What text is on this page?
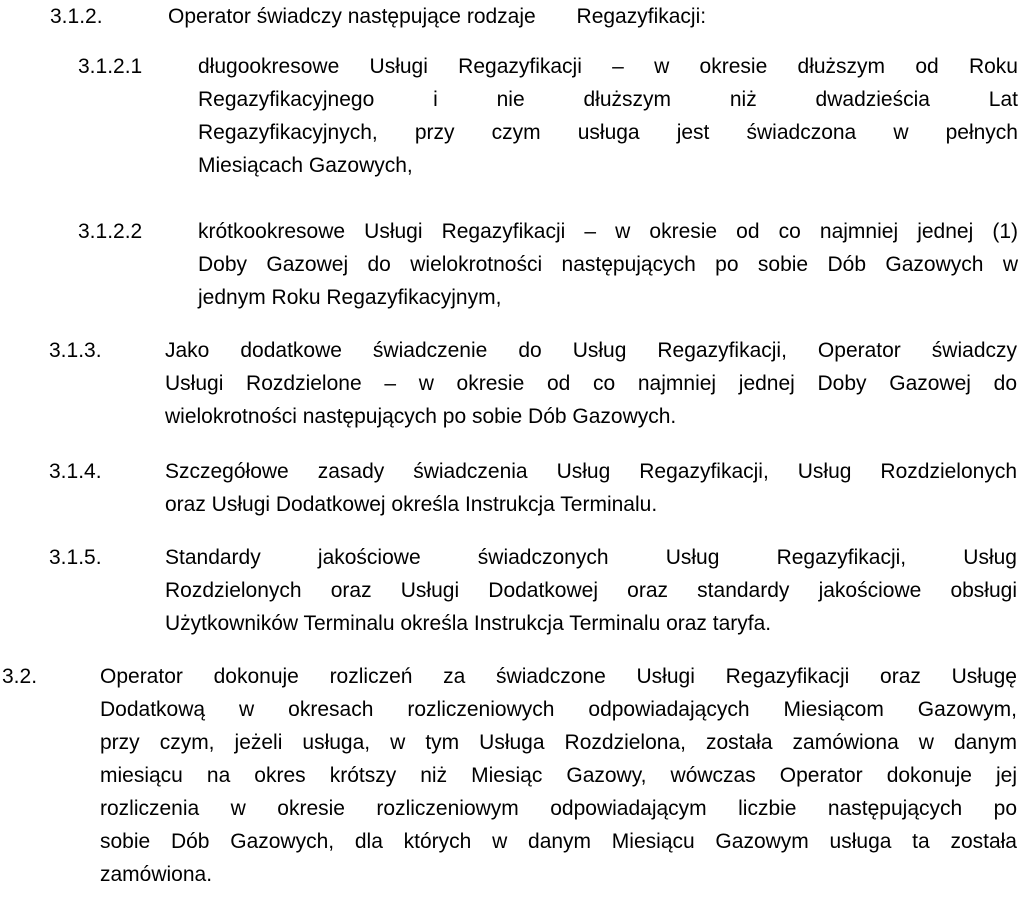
3.1.2.	Operator świadczy następujące rodzaje       Regazyfikacji:
3.1.2.1	długookresowe Usługi Regazyfikacji – w okresie dłuższym od Roku
Regazyfikacyjnego i nie dłuższym niż dwadzieścia Lat
Regazyfikacyjnych, przy czym usługa jest świadczona w pełnych
Miesiącach Gazowych,
3.1.2.2	krótkookresowe Usługi Regazyfikacji – w okresie od co najmniej jednej (1)
Doby Gazowej do wielokrotności następujących po sobie Dób Gazowych w
jednym Roku Regazyfikacyjnym,
3.1.3.	Jako dodatkowe świadczenie do Usług Regazyfikacji, Operator świadczy
Usługi Rozdzielone – w okresie od co najmniej jednej Doby Gazowej do
wielokrotności następujących po sobie Dób Gazowych.
3.1.4.	Szczegółowe zasady świadczenia Usług Regazyfikacji, Usług Rozdzielonych
oraz Usługi Dodatkowej określa Instrukcja Terminalu.
3.1.5.	Standardy jakościowe świadczonych Usług Regazyfikacji, Usług
Rozdzielonych oraz Usługi Dodatkowej oraz standardy jakościowe obsługi
Użytkowników Terminalu określa Instrukcja Terminalu oraz taryfa.
3.2.	Operator dokonuje rozliczeń za świadczone Usługi Regazyfikacji oraz Usługę
Dodatkową w okresach rozliczeniowych odpowiadających Miesiącom Gazowym,
przy czym, jeżeli usługa, w tym Usługa Rozdzielona, została zamówiona w danym
miesiącu na okres krótszy niż Miesiąc Gazowy, wówczas Operator dokonuje jej
rozliczenia w okresie rozliczeniowym odpowiadającym liczbie następujących po
sobie Dób Gazowych, dla których w danym Miesiącu Gazowym usługa ta została
zamówiona.
